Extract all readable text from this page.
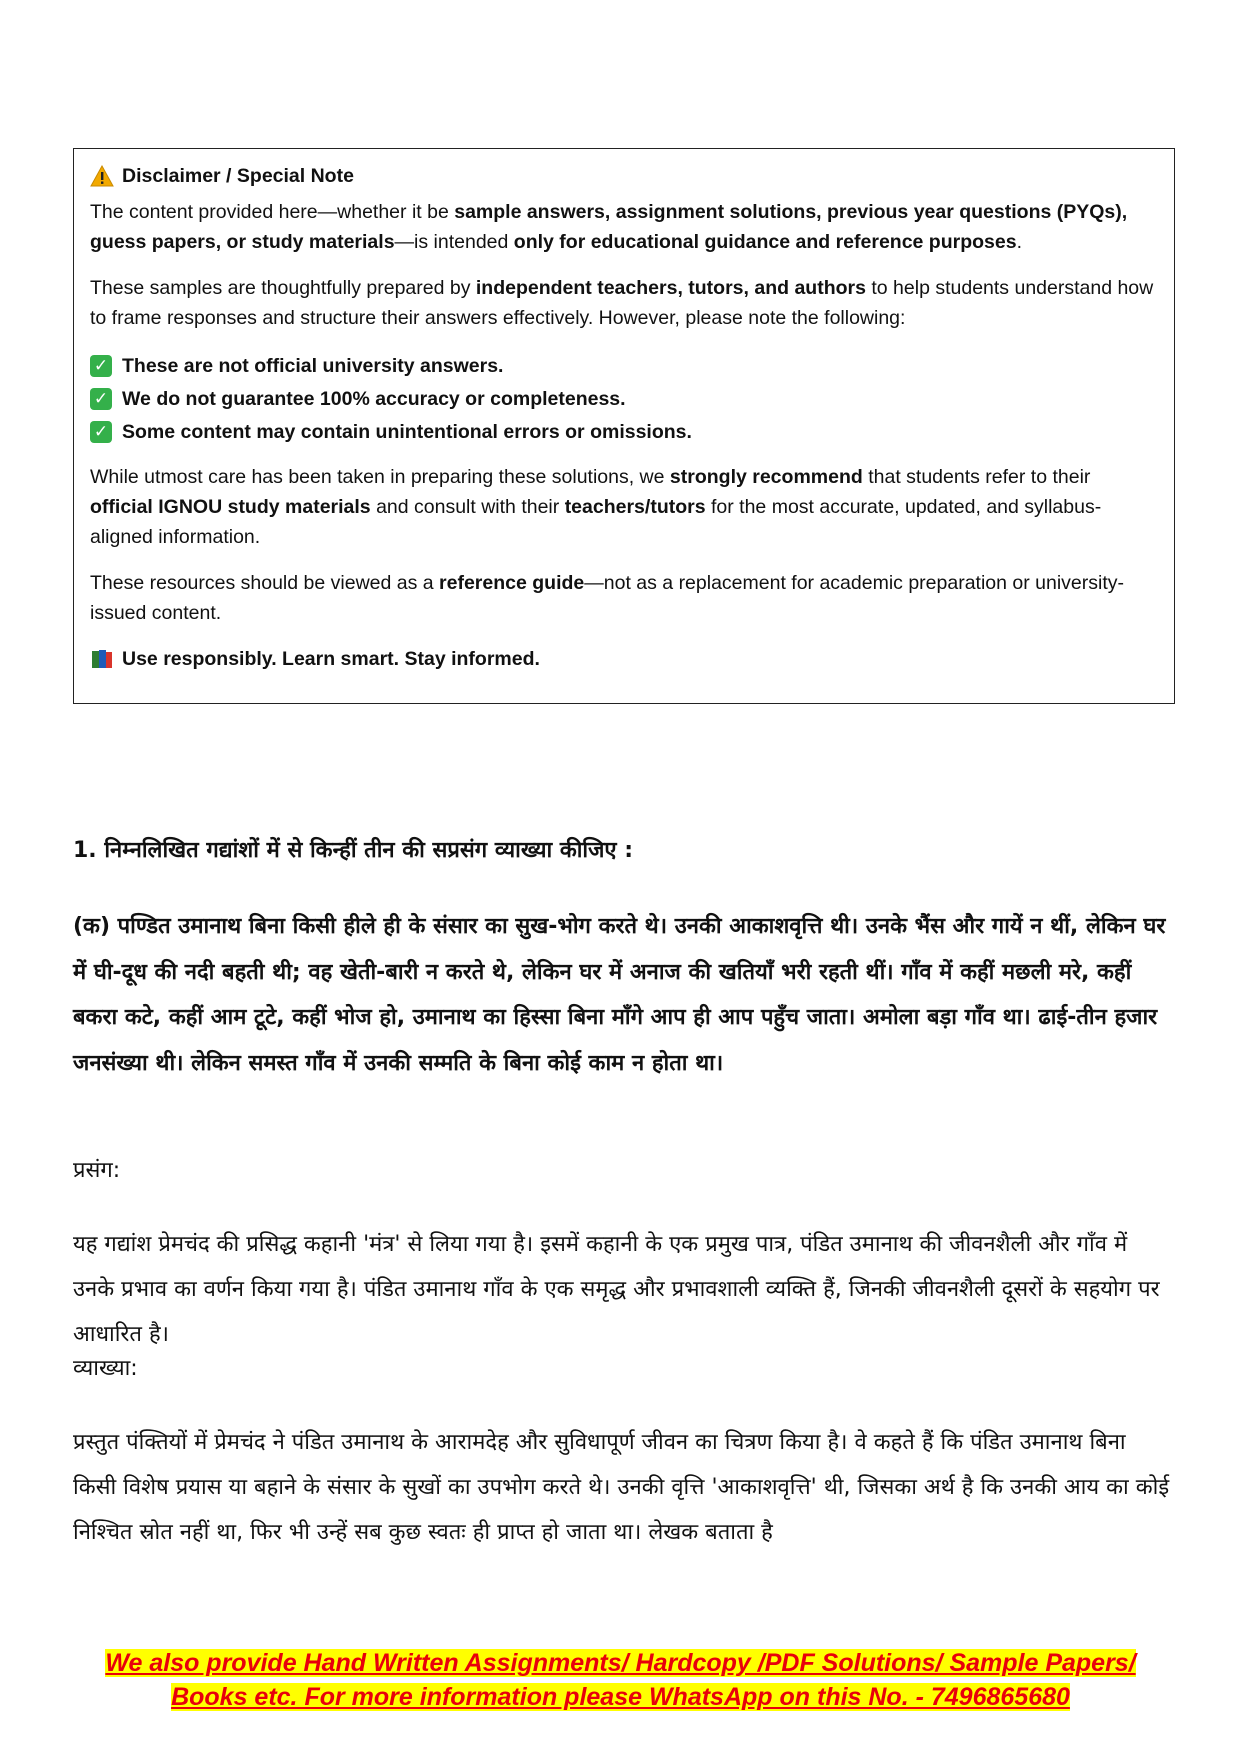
Disclaimer / Special Note

The content provided here—whether it be sample answers, assignment solutions, previous year questions (PYQs), guess papers, or study materials—is intended only for educational guidance and reference purposes.

These samples are thoughtfully prepared by independent teachers, tutors, and authors to help students understand how to frame responses and structure their answers effectively. However, please note the following:

✓ These are not official university answers.
✓ We do not guarantee 100% accuracy or completeness.
✓ Some content may contain unintentional errors or omissions.

While utmost care has been taken in preparing these solutions, we strongly recommend that students refer to their official IGNOU study materials and consult with their teachers/tutors for the most accurate, updated, and syllabus-aligned information.

These resources should be viewed as a reference guide—not as a replacement for academic preparation or university-issued content.

Use responsibly. Learn smart. Stay informed.
1. निम्नलिखित गद्यांशों में से किन्हीं तीन की सप्रसंग व्याख्या कीजिए :
(क) पण्डित उमानाथ बिना किसी हीले ही के संसार का सुख-भोग करते थे। उनकी आकाशवृत्ति थी। उनके भैंस और गायें न थीं, लेकिन घर में घी-दूध की नदी बहती थी; वह खेती-बारी न करते थे, लेकिन घर में अनाज की खतियाँ भरी रहती थीं। गाँव में कहीं मछली मरे, कहीं बकरा कटे, कहीं आम टूटे, कहीं भोज हो, उमानाथ का हिस्सा बिना माँगे आप ही आप पहुँच जाता। अमोला बड़ा गाँव था। ढाई-तीन हजार जनसंख्या थी। लेकिन समस्त गाँव में उनकी सम्मति के बिना कोई काम न होता था।
प्रसंग:
यह गद्यांश प्रेमचंद की प्रसिद्ध कहानी 'मंत्र' से लिया गया है। इसमें कहानी के एक प्रमुख पात्र, पंडित उमानाथ की जीवनशैली और गाँव में उनके प्रभाव का वर्णन किया गया है। पंडित उमानाथ गाँव के एक समृद्ध और प्रभावशाली व्यक्ति हैं, जिनकी जीवनशैली दूसरों के सहयोग पर आधारित है।
व्याख्या:
प्रस्तुत पंक्तियों में प्रेमचंद ने पंडित उमानाथ के आरामदेह और सुविधापूर्ण जीवन का चित्रण किया है। वे कहते हैं कि पंडित उमानाथ बिना किसी विशेष प्रयास या बहाने के संसार के सुखों का उपभोग करते थे। उनकी वृत्ति 'आकाशवृत्ति' थी, जिसका अर्थ है कि उनकी आय का कोई निश्चित स्रोत नहीं था, फिर भी उन्हें सब कुछ स्वतः ही प्राप्त हो जाता था। लेखक बताता है
We also provide Hand Written Assignments/ Hardcopy /PDF Solutions/ Sample Papers/
Books etc. For more information please WhatsApp on this No. - 7496865680
